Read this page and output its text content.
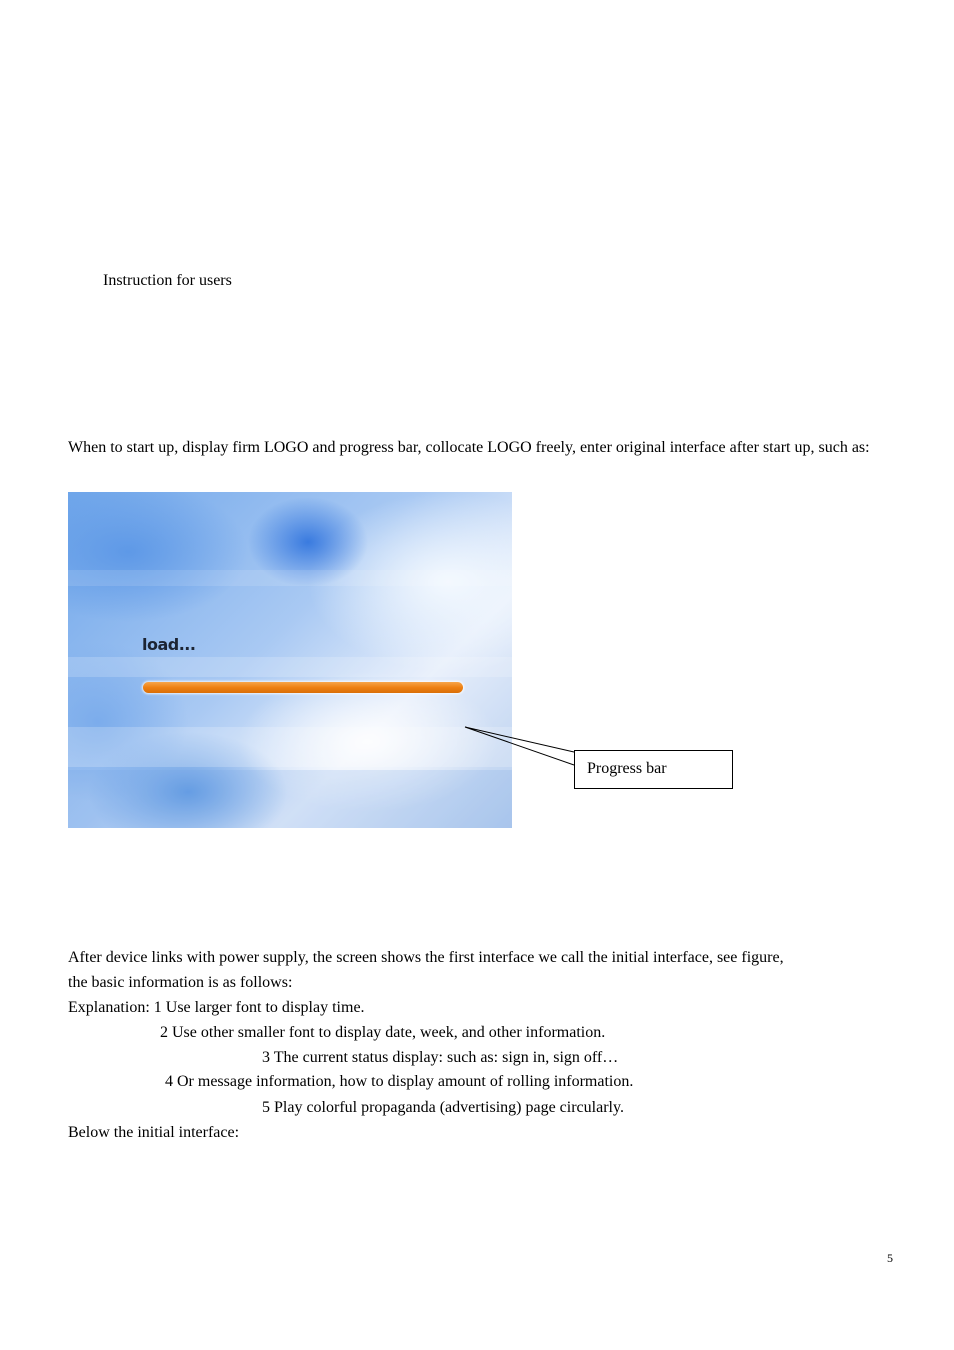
Instruction for users
When to start up, display firm LOGO and progress bar, collocate LOGO freely, enter original interface after start up, such as:
load...
Progress bar
After device links with power supply, the screen shows the first interface we call the initial interface, see figure,
the basic information is as follows:
Explanation: 1 Use larger font to display time.
2 Use other smaller font to display date, week, and other information.
3 The current status display: such as: sign in, sign off…
4 Or message information, how to display amount of rolling information.
5 Play colorful propaganda (advertising) page circularly.
Below the initial interface:
5
